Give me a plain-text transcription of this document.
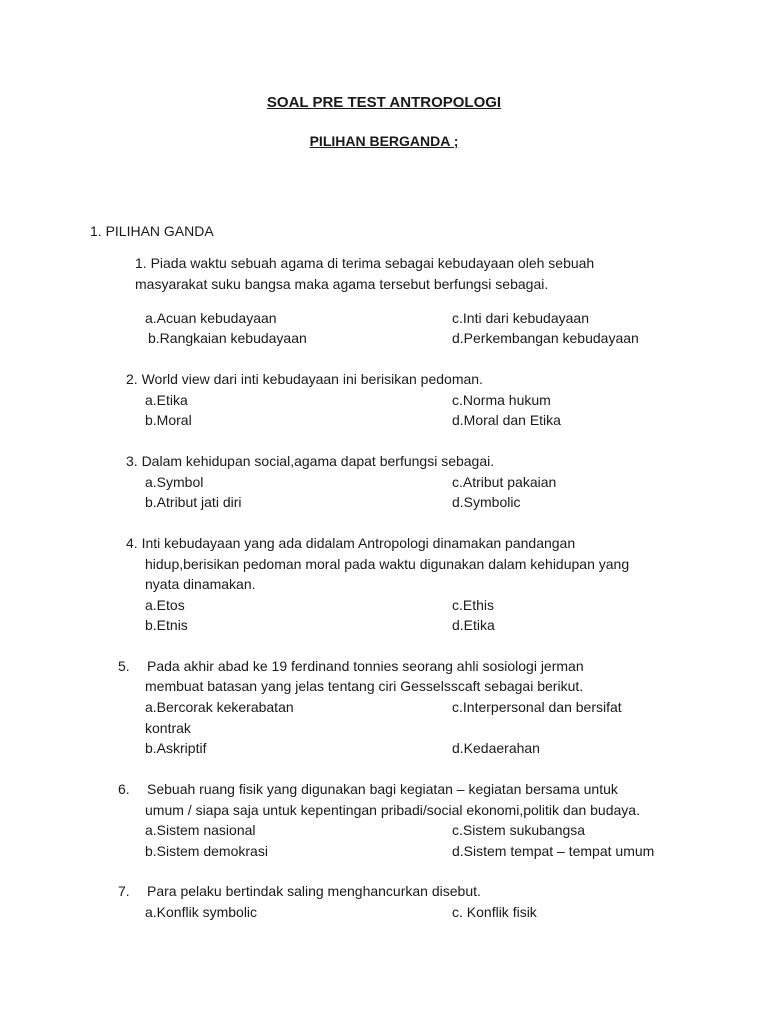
SOAL PRE TEST ANTROPOLOGI
PILIHAN BERGANDA ;
1. PILIHAN GANDA
1. Piada waktu sebuah agama di terima sebagai kebudayaan oleh sebuah
masyarakat suku bangsa maka agama tersebut berfungsi sebagai.
a.Acuan kebudayaan	c.Inti dari kebudayaan
b.Rangkaian kebudayaan	d.Perkembangan kebudayaan
2. World view dari inti kebudayaan ini berisikan pedoman.
a.Etika	c.Norma hukum
b.Moral	d.Moral dan Etika
3. Dalam kehidupan social,agama dapat berfungsi sebagai.
a.Symbol	c.Atribut pakaian
b.Atribut jati diri	d.Symbolic
4. Inti kebudayaan yang ada didalam Antropologi dinamakan pandangan
hidup,berisikan pedoman moral pada waktu digunakan dalam kehidupan yang
nyata dinamakan.
a.Etos	c.Ethis
b.Etnis	d.Etika
5. Pada akhir abad ke 19 ferdinand tonnies seorang ahli sosiologi jerman
membuat batasan yang jelas tentang ciri Gesselsscaft sebagai berikut.
a.Bercorak kekerabatan	c.Interpersonal dan bersifat
kontrak
b.Askriptif	d.Kedaerahan
6. Sebuah ruang fisik yang digunakan bagi kegiatan – kegiatan bersama untuk
umum / siapa saja untuk kepentingan pribadi/social ekonomi,politik dan budaya.
a.Sistem nasional	c.Sistem sukubangsa
b.Sistem demokrasi	d.Sistem tempat – tempat umum
7. Para pelaku bertindak saling menghancurkan disebut.
a.Konflik symbolic	c. Konflik fisik
